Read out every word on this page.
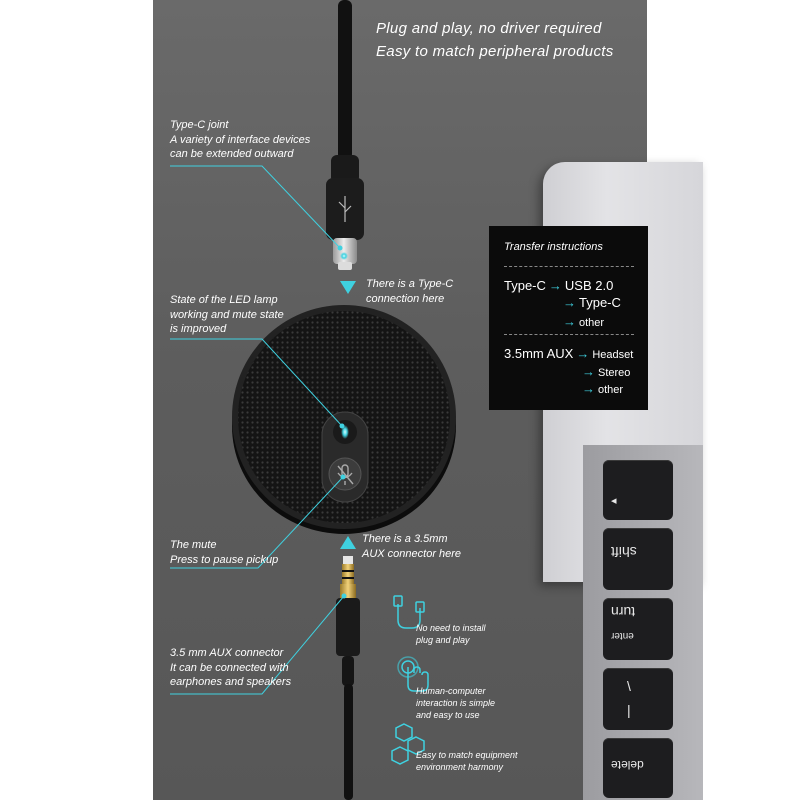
◂
shift
turn
enter
\
|
delete
Plug and play, no driver required
Easy to match peripheral products
Type-C joint
A variety of interface devices
can be extended outward
There is a Type-C
connection here
State of the LED lamp
working and mute state
is improved
The mute
Press to pause pickup
There is a 3.5mm
AUX connector here
3.5 mm AUX connector
It can be connected with
earphones and speakers
No need to install
plug and play
Human-computer
interaction is simple
and easy to use
Easy to match equipment
environment harmony
Transfer instructions
Type-C → USB 2.0
→ Type-C
→ other
3.5mm AUX → Headset
→ Stereo
→ other
